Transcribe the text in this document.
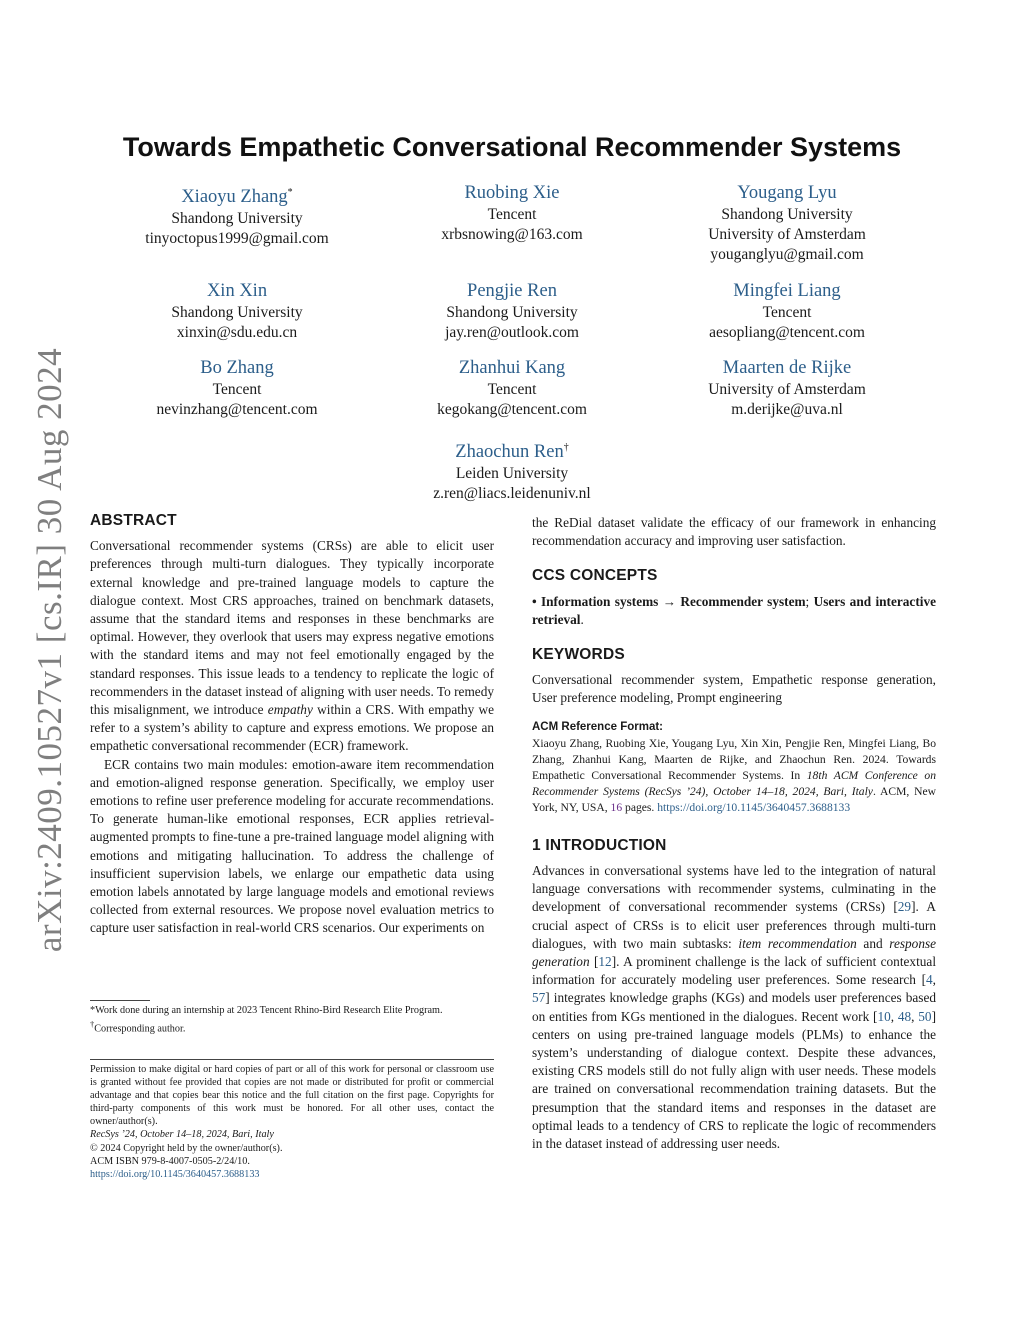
arXiv:2409.10527v1 [cs.IR] 30 Aug 2024
Towards Empathetic Conversational Recommender Systems
Xiaoyu Zhang*
Shandong University
tinyoctopus1999@gmail.com
Ruobing Xie
Tencent
xrbsnowing@163.com
Yougang Lyu
Shandong University
University of Amsterdam
youganglyu@gmail.com
Xin Xin
Shandong University
xinxin@sdu.edu.cn
Pengjie Ren
Shandong University
jay.ren@outlook.com
Mingfei Liang
Tencent
aesopliang@tencent.com
Bo Zhang
Tencent
nevinzhang@tencent.com
Zhanhui Kang
Tencent
kegokang@tencent.com
Maarten de Rijke
University of Amsterdam
m.derijke@uva.nl
Zhaochun Ren†
Leiden University
z.ren@liacs.leidenuniv.nl
ABSTRACT

Conversational recommender systems (CRSs) are able to elicit user preferences through multi-turn dialogues. They typically incorporate external knowledge and pre-trained language models to capture the dialogue context. Most CRS approaches, trained on benchmark datasets, assume that the standard items and responses in these benchmarks are optimal. However, they overlook that users may express negative emotions with the standard items and may not feel emotionally engaged by the standard responses. This issue leads to a tendency to replicate the logic of recommenders in the dataset instead of aligning with user needs. To remedy this misalignment, we introduce empathy within a CRS. With empathy we refer to a system’s ability to capture and express emotions. We propose an empathetic conversational recommender (ECR) framework.

ECR contains two main modules: emotion-aware item recommendation and emotion-aligned response generation. Specifically, we employ user emotions to refine user preference modeling for accurate recommendations. To generate human-like emotional responses, ECR applies retrieval-augmented prompts to fine-tune a pre-trained language model aligning with emotions and mitigating hallucination. To address the challenge of insufficient supervision labels, we enlarge our empathetic data using emotion labels annotated by large language models and emotional reviews collected from external resources. We propose novel evaluation metrics to capture user satisfaction in real-world CRS scenarios. Our experiments on

the ReDial dataset validate the efficacy of our framework in enhancing recommendation accuracy and improving user satisfaction.

CCS CONCEPTS

• Information systems → Recommender system; Users and interactive retrieval.

KEYWORDS

Conversational recommender system, Empathetic response generation, User preference modeling, Prompt engineering

ACM Reference Format:

Xiaoyu Zhang, Ruobing Xie, Yougang Lyu, Xin Xin, Pengjie Ren, Mingfei Liang, Bo Zhang, Zhanhui Kang, Maarten de Rijke, and Zhaochun Ren. 2024. Towards Empathetic Conversational Recommender Systems. In 18th ACM Conference on Recommender Systems (RecSys ’24), October 14–18, 2024, Bari, Italy. ACM, New York, NY, USA, 16 pages. https://doi.org/10.1145/3640457.3688133

1 INTRODUCTION

Advances in conversational systems have led to the integration of natural language conversations with recommender systems, culminating in the development of conversational recommender systems (CRSs) [29]. A crucial aspect of CRSs is to elicit user preferences through multi-turn dialogues, with two main subtasks: item recommendation and response generation [12]. A prominent challenge is the lack of sufficient contextual information for accurately modeling user preferences. Some research [4, 57] integrates knowledge graphs (KGs) and models user preferences based on entities from KGs mentioned in the dialogues. Recent work [10, 48, 50] centers on using pre-trained language models (PLMs) to enhance the system’s understanding of dialogue context. Despite these advances, existing CRS models still do not fully align with user needs. These models are trained on conversational recommendation training datasets. But the presumption that the standard items and responses in the dataset are optimal leads to a tendency of CRS to replicate the logic of recommenders in the dataset instead of addressing user needs.

*Work done during an internship at 2023 Tencent Rhino-Bird Research Elite Program.
†Corresponding author.

Permission to make digital or hard copies of part or all of this work for personal or classroom use is granted without fee provided that copies are not made or distributed for profit or commercial advantage and that copies bear this notice and the full citation on the first page. Copyrights for third-party components of this work must be honored. For all other uses, contact the owner/author(s).

RecSys ’24, October 14–18, 2024, Bari, Italy

© 2024 Copyright held by the owner/author(s).

ACM ISBN 979-8-4007-0505-2/24/10.

https://doi.org/10.1145/3640457.3688133
